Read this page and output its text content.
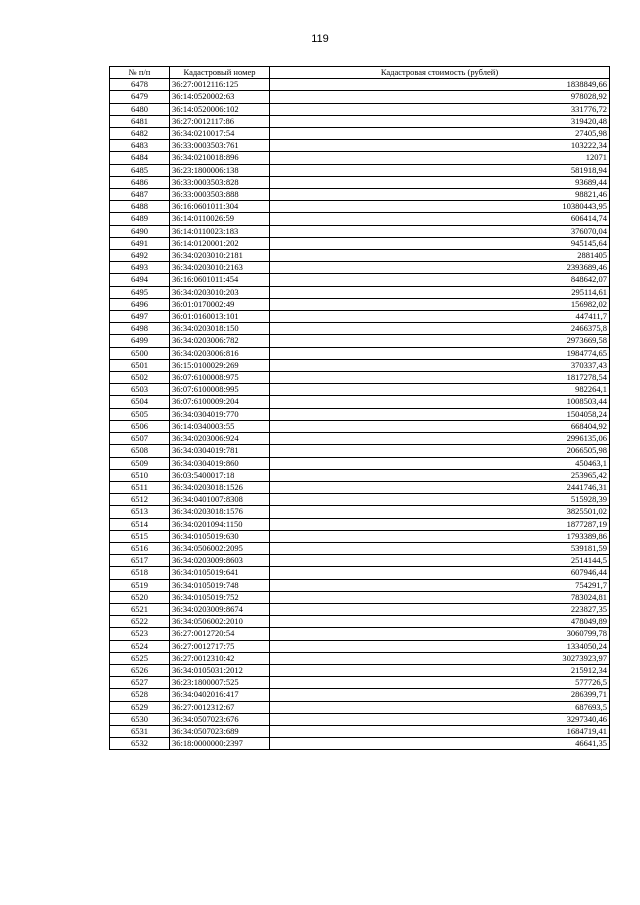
119
№ п/п	Кадастровый номер	Кадастровая стоимость (рублей)
6478	36:27:0012116:125	1838849,66
6479	36:14:0520002:63	978028,92
6480	36:14:0520006:102	331776,72
6481	36:27:0012117:86	319420,48
6482	36:34:0210017:54	27405,98
6483	36:33:0003503:761	103222,34
6484	36:34:0210018:896	12071
6485	36:23:1800006:138	581918,94
6486	36:33:0003503:828	93689,44
6487	36:33:0003503:888	98821,46
6488	36:16:0601011:304	10380443,95
6489	36:14:0110026:59	606414,74
6490	36:14:0110023:183	376070,04
6491	36:14:0120001:202	945145,64
6492	36:34:0203010:2181	2881405
6493	36:34:0203010:2163	2393689,46
6494	36:16:0601011:454	848642,07
6495	36:34:0203010:203	295114,61
6496	36:01:0170002:49	156982,02
6497	36:01:0160013:101	447411,7
6498	36:34:0203018:150	2466375,8
6499	36:34:0203006:782	2973669,58
6500	36:34:0203006:816	1984774,65
6501	36:15:0100029:269	370337,43
6502	36:07:6100008:975	1817278,54
6503	36:07:6100008:995	982264,1
6504	36:07:6100009:204	1008503,44
6505	36:34:0304019:770	1504058,24
6506	36:14:0340003:55	668404,92
6507	36:34:0203006:924	2996135,06
6508	36:34:0304019:781	2066505,98
6509	36:34:0304019:860	450463,1
6510	36:03:5400017:18	253965,42
6511	36:34:0203018:1526	2441746,31
6512	36:34:0401007:8308	515928,39
6513	36:34:0203018:1576	3825501,02
6514	36:34:0201094:1150	1877287,19
6515	36:34:0105019:630	1793389,86
6516	36:34:0506002:2095	539181,59
6517	36:34:0203009:8603	2514144,5
6518	36:34:0105019:641	607946,44
6519	36:34:0105019:748	754291,7
6520	36:34:0105019:752	783024,81
6521	36:34:0203009:8674	223827,35
6522	36:34:0506002:2010	478049,89
6523	36:27:0012720:54	3060799,78
6524	36:27:0012717:75	1334050,24
6525	36:27:0012310:42	30273923,97
6526	36:34:0105031:2012	215912,34
6527	36:23:1800007:525	577726,5
6528	36:34:0402016:417	286399,71
6529	36:27:0012312:67	687693,5
6530	36:34:0507023:676	3297340,46
6531	36:34:0507023:689	1684719,41
6532	36:18:0000000:2397	46641,35
